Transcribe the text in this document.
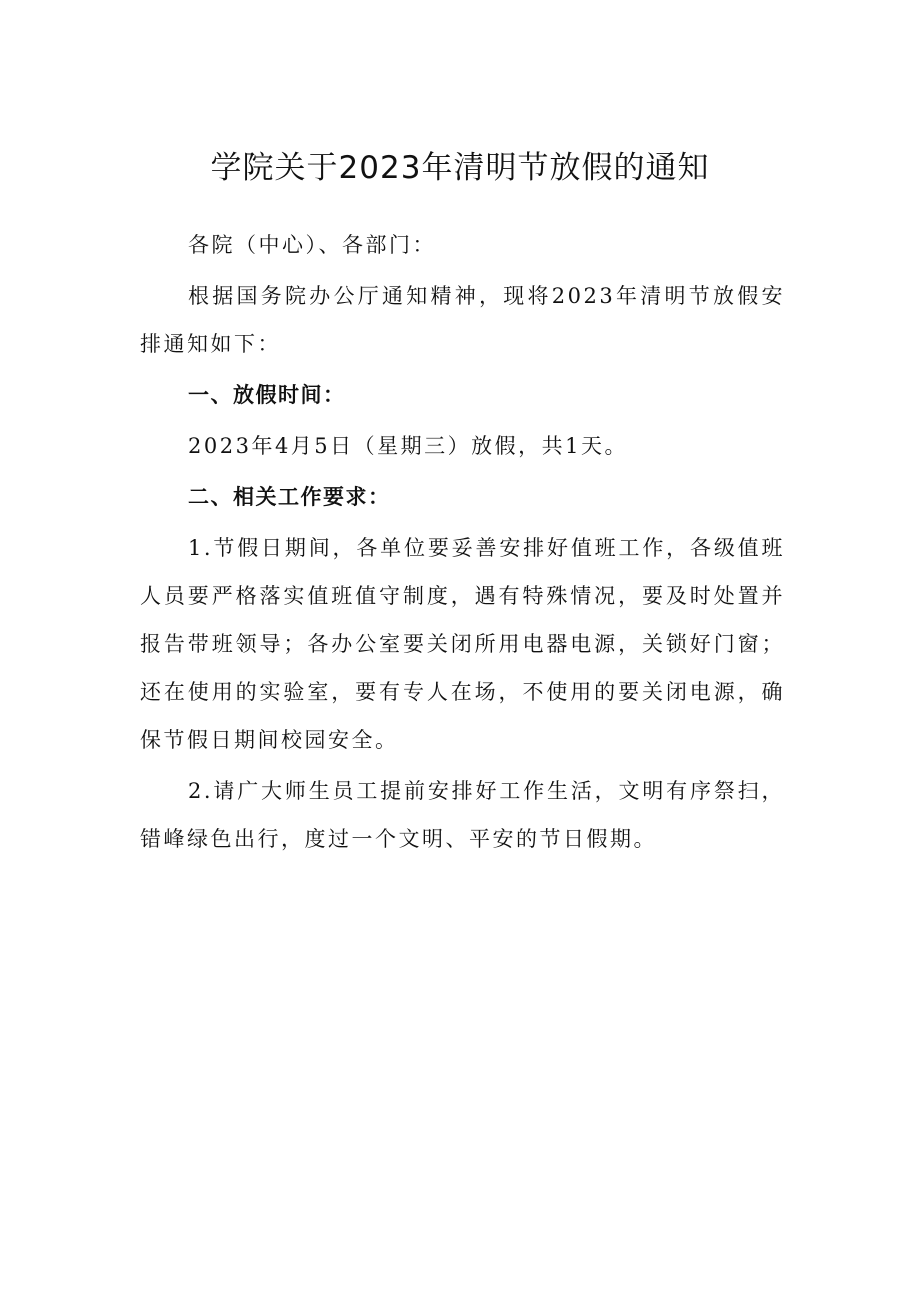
学院关于2023年清明节放假的通知

各院（中心）、各部门：

根据国务院办公厅通知精神，现将2023年清明节放假安排通知如下：

一、放假时间：

2023年4月5日（星期三）放假，共1天。

二、相关工作要求：

1.节假日期间，各单位要妥善安排好值班工作，各级值班人员要严格落实值班值守制度，遇有特殊情况，要及时处置并报告带班领导；各办公室要关闭所用电器电源，关锁好门窗；还在使用的实验室，要有专人在场，不使用的要关闭电源，确保节假日期间校园安全。

2.请广大师生员工提前安排好工作生活，文明有序祭扫，错峰绿色出行，度过一个文明、平安的节日假期。
